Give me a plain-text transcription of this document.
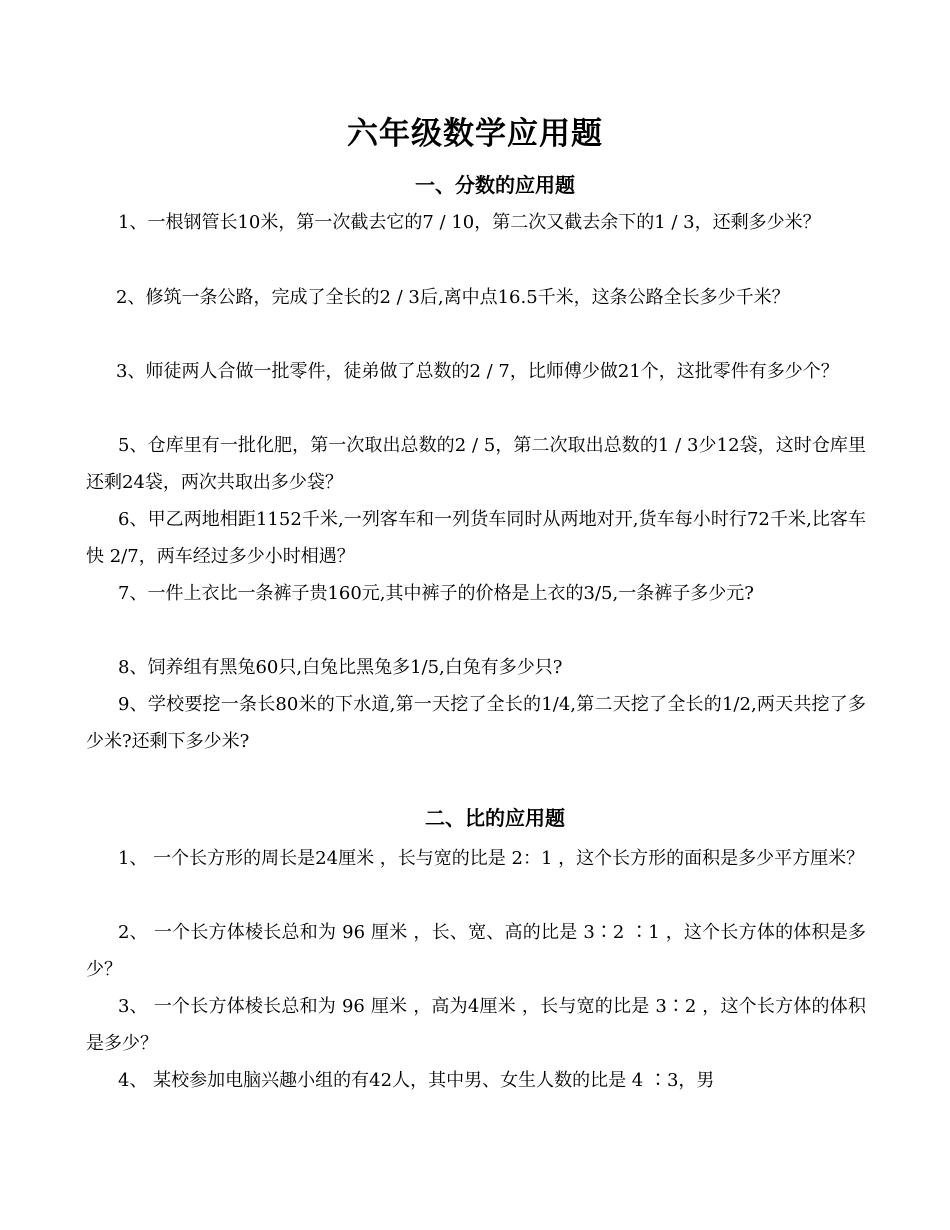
六年级数学应用题
一、分数的应用题

1、一根钢管长10米，第一次截去它的7 / 10，第二次又截去余下的1 / 3，还剩多少米？

2、修筑一条公路，完成了全长的2 / 3后,离中点16.5千米，这条公路全长多少千米？

3、师徒两人合做一批零件，徒弟做了总数的2 / 7，比师傅少做21个，这批零件有多少个？

5、仓库里有一批化肥，第一次取出总数的2 / 5，第二次取出总数的1 / 3少12袋，这时仓库里还剩24袋，两次共取出多少袋？

6、甲乙两地相距1152千米,一列客车和一列货车同时从两地对开,货车每小时行72千米,比客车快 2/7，两车经过多少小时相遇？

7、一件上衣比一条裤子贵160元,其中裤子的价格是上衣的3/5,一条裤子多少元?

8、饲养组有黑兔60只,白兔比黑兔多1/5,白兔有多少只?

9、学校要挖一条长80米的下水道,第一天挖了全长的1/4,第二天挖了全长的1/2,两天共挖了多少米?还剩下多少米?

二、比的应用题

1、 一个长方形的周长是24厘米 ，长与宽的比是 2：1 ，这个长方形的面积是多少平方厘米？

2、 一个长方体棱长总和为 96 厘米 ，长、宽、高的比是 3∶2 ∶1 ，这个长方体的体积是多少？

3、 一个长方体棱长总和为 96 厘米 ，高为4厘米 ，长与宽的比是 3∶2 ，这个长方体的体积是多少？

4、 某校参加电脑兴趣小组的有42人，其中男、女生人数的比是 4 ∶3，男
